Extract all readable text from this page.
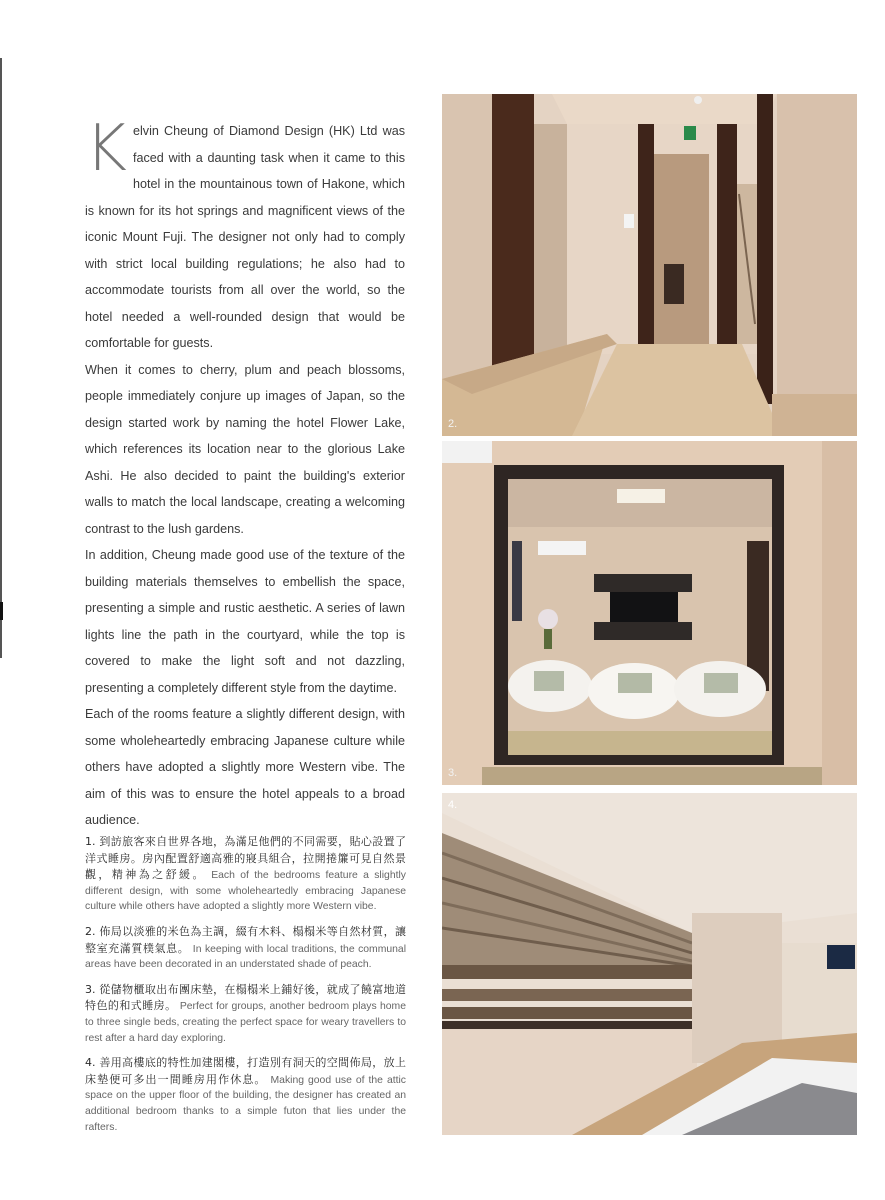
Kelvin Cheung of Diamond Design (HK) Ltd was faced with a daunting task when it came to this hotel in the mountainous town of Hakone, which is known for its hot springs and magnificent views of the iconic Mount Fuji. The designer not only had to comply with strict local building regulations; he also had to accommodate tourists from all over the world, so the hotel needed a well-rounded design that would be comfortable for guests.

When it comes to cherry, plum and peach blossoms, people immediately conjure up images of Japan, so the design started work by naming the hotel Flower Lake, which references its location near to the glorious Lake Ashi. He also decided to paint the building's exterior walls to match the local landscape, creating a welcoming contrast to the lush gardens.

In addition, Cheung made good use of the texture of the building materials themselves to embellish the space, presenting a simple and rustic aesthetic. A series of lawn lights line the path in the courtyard, while the top is covered to make the light soft and not dazzling, presenting a completely different style from the daytime.

Each of the rooms feature a slightly different design, with some wholeheartedly embracing Japanese culture while others have adopted a slightly more Western vibe. The aim of this was to ensure the hotel appeals to a broad audience.

1. 到訪旅客來自世界各地，為滿足他們的不同需要，貼心設置了洋式睡房。房內配置舒適高雅的寢具組合，拉開捲簾可見自然景觀，精神為之舒緩。 Each of the bedrooms feature a slightly different design, with some wholeheartedly embracing Japanese culture while others have adopted a slightly more Western vibe.

2. 佈局以淡雅的米色為主調，綴有木料、榻榻米等自然材質，讓整室充滿質樸氣息。 In keeping with local traditions, the communal areas have been decorated in an understated shade of peach.

3. 從儲物櫃取出布團床墊，在榻榻米上鋪好後，就成了饒富地道特色的和式睡房。 Perfect for groups, another bedroom plays home to three single beds, creating the perfect space for weary travellers to rest after a hard day exploring.

4. 善用高樓底的特性加建閣樓，打造別有洞天的空間佈局，放上床墊便可多出一間睡房用作休息。 Making good use of the attic space on the upper floor of the building, the designer has created an additional bedroom thanks to a simple futon that lies under the rafters.

2.
3.
4.
